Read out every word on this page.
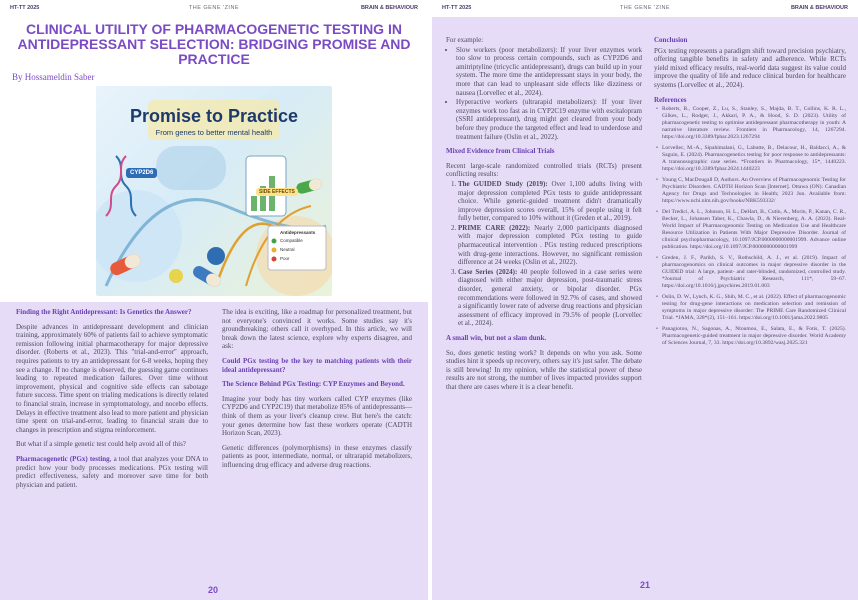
HT-TT 2025	THE GENE 'ZINE	BRAIN & BEHAVIOUR
CLINICAL UTILITY OF PHARMACOGENETIC TESTING IN ANTIDEPRESSANT SELECTION: BRIDGING PROMISE AND PRACTICE
By Hossameldin Saber
Promise to Practice
From genes to better mental health
CYP2D6
SIDE EFFECTS
Antidepressants
Compatible
Neutral
Poor

Finding the Right Antidepressant: Is Genetics the Answer?

Despite advances in antidepressant development and clinician training, approximately 60% of patients fail to achieve symptomatic remission following initial pharmacotherapy for major depressive disorder. (Roberts et al., 2023). This "trial-and-error" approach, requires patients to try an antidepressant for 6-8 weeks, hoping they see a change. If no change is observed, the guessing game continues leading to repeated medication failures. Over time without improvement, physical and cognitive side effects can sabotage future success. Time spent on trialing medications is directly related to financial strain, increase in symptomatology, and nocebo effects. Delays in effective treatment also lead to more patient and physician time spent on trial-and-error, leading to financial strain due to changes in prescription and stigma reinforcement.

But what if a simple genetic test could help avoid all of this?

Pharmacogenetic (PGx) testing, a tool that analyzes your DNA to predict how your body processes medications. PGx testing will predict effectiveness, safety and moreover save time for both physician and patient.

The idea is exciting, like a roadmap for personalized treatment, but not everyone's convinced it works. Some studies say it's groundbreaking; others call it overhyped. In this article, we will break down the latest science, explore why experts disagree, and ask:

Could PGx testing be the key to matching patients with their ideal antidepressant?

The Science Behind PGx Testing: CYP Enzymes and Beyond.

Imagine your body has tiny workers called CYP enzymes (like CYP2D6 and CYP2C19) that metabolize 85% of antidepressants—think of them as your liver's cleanup crew. But here's the catch: your genes determine how fast these workers operate (CADTH Horizon Scan, 2023).

Genetic differences (polymorphisms) in these enzymes classify patients as poor, intermediate, normal, or ultrarapid metabolizers, influencing drug efficacy and adverse drug reactions.

20
HT-TT 2025	THE GENE 'ZINE	BRAIN & BEHAVIOUR

For example:

• Slow workers (poor metabolizers): If your liver enzymes work too slow to process certain compounds, such as CYP2D6 and amitriptyline (tricyclic antidepressant), drugs can build up in your system. The more time the antidepressant stays in your body, the more that can lead to unpleasant side effects like dizziness or nausea (Lorvellec et al., 2024).
• Hyperactive workers (ultrarapid metabolizers): If your liver enzymes work too fast as in CYP2C19 enzyme with escitalopram (SSRI antidepressant), drug might get cleared from your body before they produce the targeted effect and lead to underdose and treatment failure (Oslin et al., 2022).

Mixed Evidence from Clinical Trials

Recent large-scale randomized controlled trials (RCTs) present conflicting results:

1. The GUIDED Study (2019): Over 1,100 adults living with major depression completed PGx tests to guide antidepressant choice. While genetic-guided treatment didn't dramatically improve depression scores overall, 15% of people using it felt fully better, compared to 10% without it (Greden et al., 2019).
2. PRIME CARE (2022): Nearly 2,000 participants diagnosed with major depression completed PGx testing to guide pharmaceutical intervention . PGx testing reduced prescriptions with drug-gene interactions. However, no significant remission difference at 24 weeks (Oslin et al., 2022).
3. Case Series (2024): 40 people followed in a case series were diagnosed with either major depression, post-traumatic stress disorder, general anxiety, or bipolar disorder. PGx recommendations were followed in 92.7% of cases, and showed a significantly lower rate of adverse drug reactions and physician assessment of efficacy improved in 79.5% of people (Lorvellec et al., 2024).

A small win, but not a slam dunk.

So, does genetic testing work? It depends on who you ask. Some studies hint it speeds up recovery, others say it's just safer. The debate is still brewing! In my opinion, while the statistical power of these results are not strong, the number of lives impacted provides support that there are cases where it is a clear benefit.

Conclusion

PGx testing represents a paradigm shift toward precision psychiatry, offering tangible benefits in safety and adherence. While RCTs yield mixed efficacy results, real-world data suggest its value could improve the quality of life and reduce clinical burden for healthcare systems (Lorvellec et al., 2024).

References

• Roberts, B., Cooper, Z., Lu, S., Stanley, S., Majda, B. T., Collins, K. R. L., Gilkes, L., Rodger, J., Akkari, P. A., & Hood, S. D. (2023). Utility of pharmacogenetic testing to optimise antidepressant pharmacotherapy in youth: A narrative literature review. Frontiers in Pharmacology, 14, 1267294. https://doi.org/10.3389/fphar.2023.1267294
• Lorvellec, M.-A., Sipahimalani, G., Labutte, B., Delacour, H., Baldacci, A., & Saguin, E. (2024). Pharmacogenetics testing for poor response to antidepressants: A transnosographic case series. *Frontiers in Pharmacology, 15*, 1440223. https://doi.org/10.3389/fphar.2024.1440223
• Young C, MacDougall D, Authors. An Overview of Pharmacogenomic Testing for Psychiatric Disorders. CADTH Horizon Scan [Internet]. Ottawa (ON): Canadian Agency for Drugs and Technologies in Health; 2023 Jun. Available from: https://www.ncbi.nlm.nih.gov/books/NBK593332/
• Del Tredici, A. L., Johnson, H. L., DeHart, B., Cutin, A., Morin, P., Kanan, C. R., Becker, L., Johansen Taber, K., Chawla, D., & Nierenberg, A. A. (2023). Real-World Impact of Pharmacogenomic Testing on Medication Use and Healthcare Resource Utilization in Patients With Major Depressive Disorder. Journal of clinical psychopharmacology, 10.1097/JCP.0000000000001999. Advance online publication. https://doi.org/10.1097/JCP.0000000000001999
• Greden, J. F., Parikh, S. V., Rothschild, A. J., et al. (2019). Impact of pharmacogenomics on clinical outcomes in major depressive disorder in the GUIDED trial: A large, patient- and rater-blinded, randomized, controlled study. *Journal of Psychiatric Research, 111*, 59–67. https://doi.org/10.1016/j.jpsychires.2019.01.003
• Oslin, D. W., Lynch, K. G., Shih, M. C., et al. (2022). Effect of pharmacogenomic testing for drug-gene interactions on medication selection and remission of symptoms in major depressive disorder: The PRIME Care Randomized Clinical Trial. *JAMA, 328*(2), 151–161. https://doi.org/10.1001/jama.2022.9805
• Panagiotou, N., Sagonas, A., Ntoumou, E., Salata, E., & Fotis, T. (2025). Pharmacogenetic-guided treatment in major depressive disorder. World Academy of Sciences Journal, 7, 33. https://doi.org/10.3892/wasj.2025.321
21
